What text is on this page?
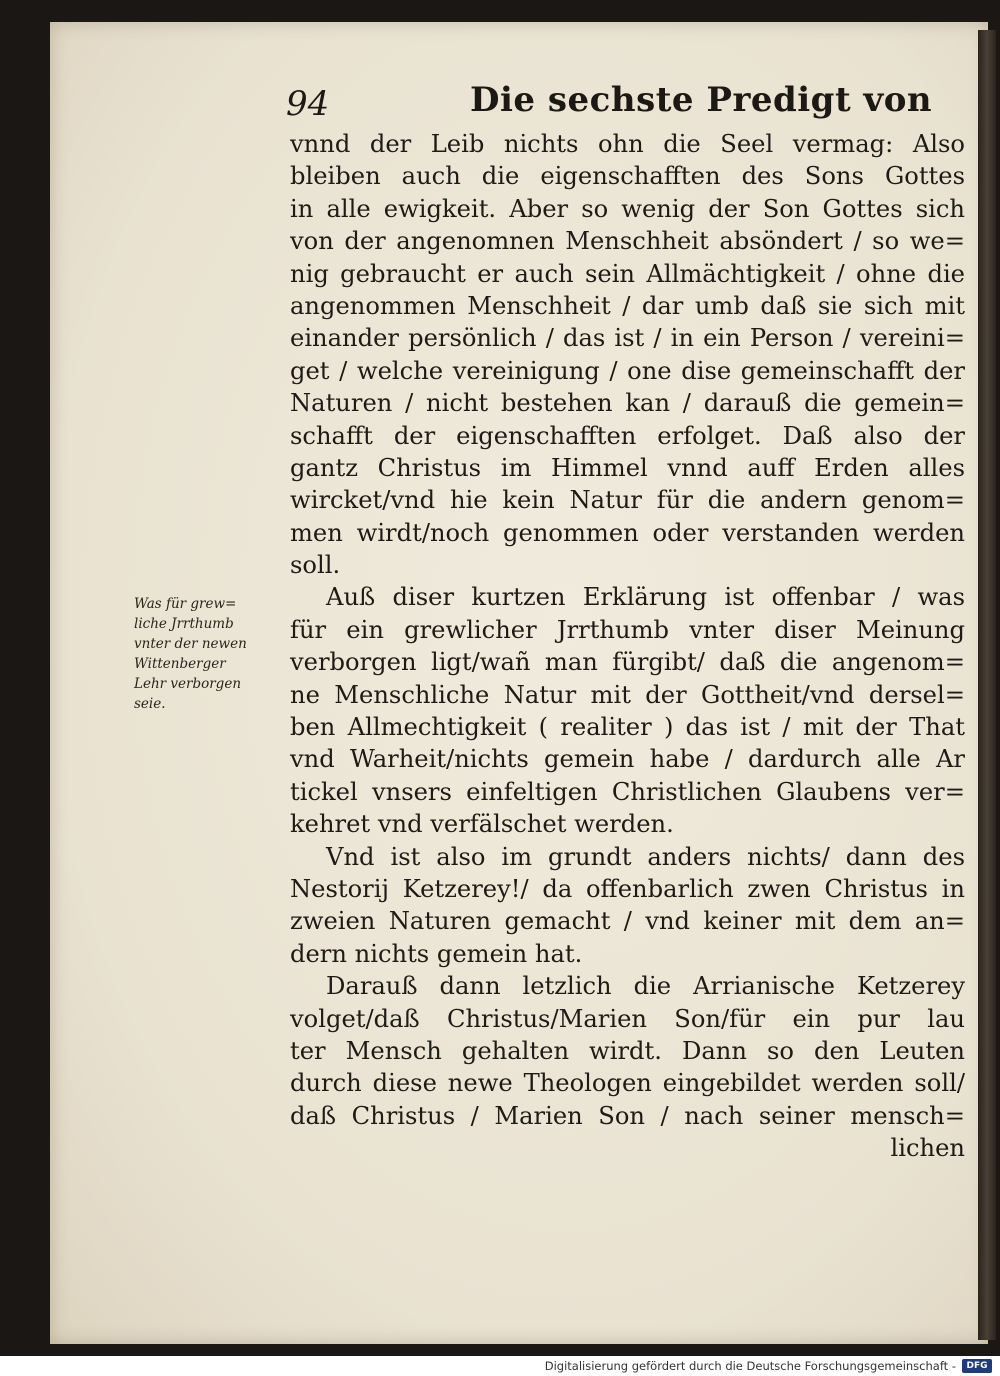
94	Die sechste Predigt von
vnnd der Leib nichts ohn die Seel vermag: Also
bleiben auch die eigenschafften des Sons Gottes
in alle ewigkeit. Aber so wenig der Son Gottes sich
von der angenomnen Menschheit absöndert / so we=
nig gebraucht er auch sein Allmächtigkeit / ohne die
angenommen Menschheit / dar umb daß sie sich mit
einander persönlich / das ist / in ein Person / vereini=
get / welche vereinigung / one dise gemeinschafft der
Naturen / nicht bestehen kan / darauß die gemein=
schafft der eigenschafften erfolget. Daß also der
gantz Christus im Himmel vnnd auff Erden alles
wircket/vnd hie kein Natur für die andern genom=
men wirdt/noch genommen oder verstanden werden
soll.
Auß diser kurtzen Erklärung ist offenbar / was
für ein grewlicher Jrrthumb vnter diser Meinung
verborgen ligt/wañ man fürgibt/ daß die angenom=
ne Menschliche Natur mit der Gottheit/vnd dersel=
ben Allmechtigkeit ( realiter ) das ist / mit der That
vnd Warheit/nichts gemein habe / dardurch alle Ar
tickel vnsers einfeltigen Christlichen Glaubens ver=
kehret vnd verfälschet werden.
Vnd ist also im grundt anders nichts/ dann des
Nestorij Ketzerey!/ da offenbarlich zwen Christus in
zweien Naturen gemacht / vnd keiner mit dem an=
dern nichts gemein hat.
Darauß dann letzlich die Arrianische Ketzerey
volget/daß Christus/Marien Son/für ein pur lau
ter Mensch gehalten wirdt. Dann so den Leuten
durch diese newe Theologen eingebildet werden soll/
daß Christus / Marien Son / nach seiner mensch=
lichen
Was für grew=
liche Jrrthumb
vnter der newen
Wittenberger
Lehr verborgen
seie.
Digitalisierung gefördert durch die Deutsche Forschungsgemeinschaft -	DFG
